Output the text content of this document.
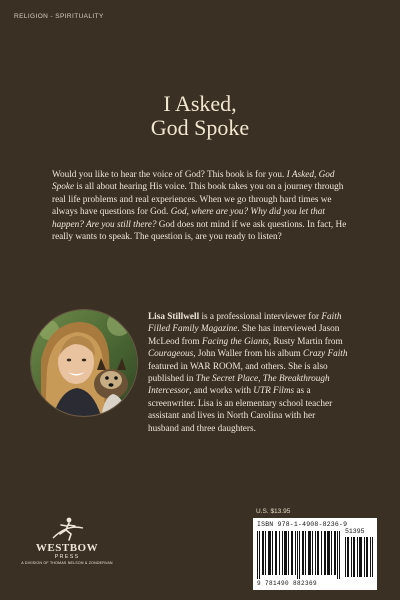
RELIGION - SPIRITUALITY
I Asked,
God Spoke
Would you like to hear the voice of God? This book is for you. I Asked, God Spoke is all about hearing His voice. This book takes you on a journey through real life problems and real experiences. When we go through hard times we always have questions for God. God, where are you? Why did you let that happen? Are you still there? God does not mind if we ask questions. In fact, He really wants to speak. The question is, are you ready to listen?
Lisa Stillwell is a professional interviewer for Faith Filled Family Magazine. She has interviewed Jason McLeod from Facing the Giants, Rusty Martin from Courageous, John Waller from his album Crazy Faith featured in WAR ROOM, and others. She is also published in The Secret Place, The Breakthrough Intercessor, and works with UTR Films as a screenwriter. Lisa is an elementary school teacher assistant and lives in North Carolina with her husband and three daughters.
WESTBOW
PRESS
A DIVISION OF THOMAS NELSON & ZONDERVAN
U.S. $13.95
ISBN 978-1-4908-8236-9
51395
9 781490 882369
